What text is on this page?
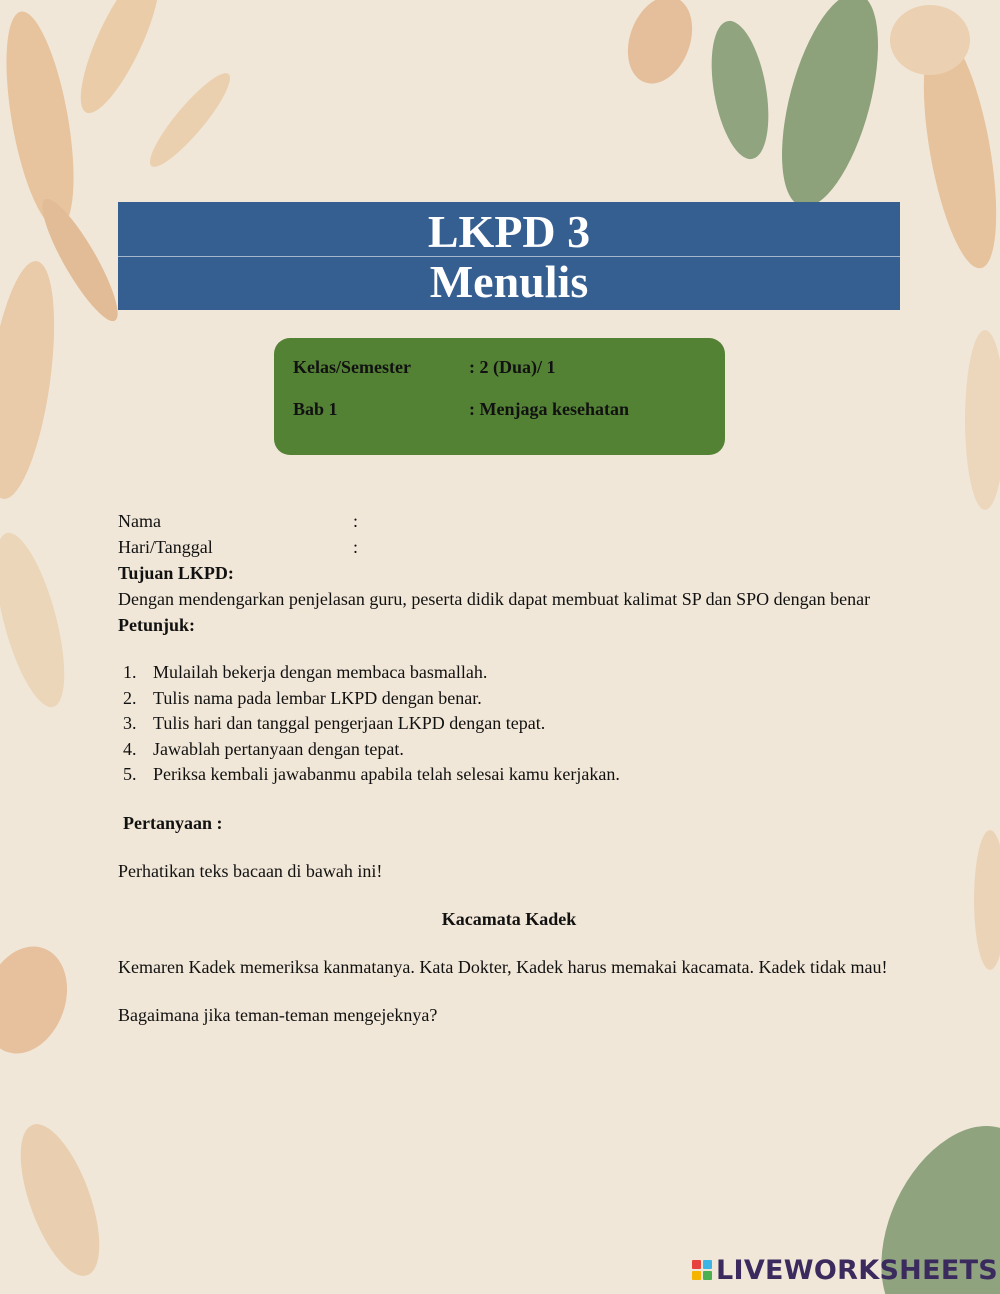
LKPD 3
Menulis
Kelas/Semester	: 2 (Dua)/ 1
Bab 1	: Menjaga kesehatan
Nama	:
Hari/Tanggal	:
Tujuan LKPD:
Dengan mendengarkan penjelasan guru, peserta didik dapat membuat kalimat SP dan SPO dengan benar
Petunjuk:
1. Mulailah bekerja dengan membaca basmallah.
2. Tulis nama pada lembar LKPD dengan benar.
3. Tulis hari dan tanggal pengerjaan LKPD dengan tepat.
4. Jawablah pertanyaan dengan tepat.
5. Periksa kembali jawabanmu apabila telah selesai kamu kerjakan.
Pertanyaan :
Perhatikan teks bacaan di bawah ini!
Kacamata Kadek
Kemaren Kadek memeriksa kanmatanya. Kata Dokter, Kadek harus memakai kacamata. Kadek tidak mau!
Bagaimana jika teman-teman mengejeknya?
LIVEWORKSHEETS
